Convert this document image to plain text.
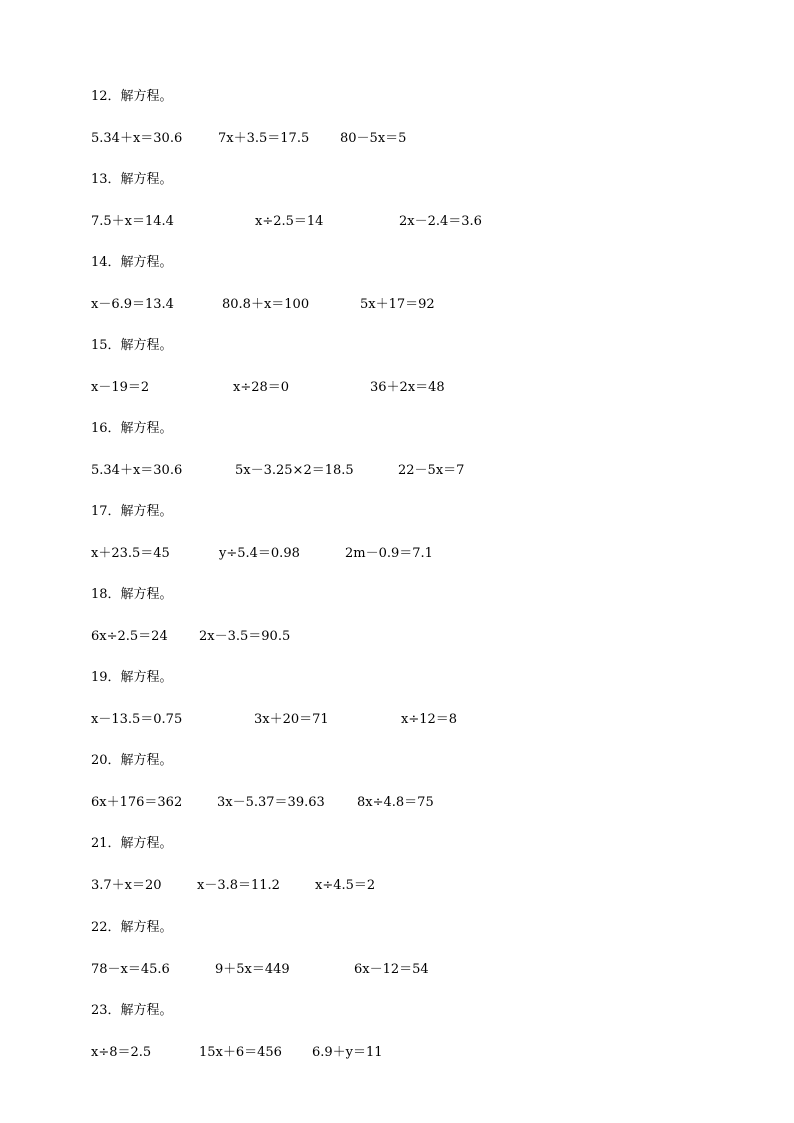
12．解方程。
5.34＋x＝30.6	7x＋3.5＝17.5 80－5x＝5
13．解方程。
7.5＋x＝14.4	x÷2.5＝14	2x－2.4＝3.6
14．解方程。
x－6.9＝13.4	80.8＋x＝100	5x＋17＝92
15．解方程。
x－19＝2	x÷28＝0	36＋2x＝48
16．解方程。
5.34＋x＝30.6	5x－3.25×2＝18.5	22－5x＝7
17．解方程。
x＋23.5＝45	y÷5.4＝0.98	2m－0.9＝7.1
18．解方程。
6x÷2.5＝24 2x－3.5＝90.5
19．解方程。
x－13.5＝0.75	3x＋20＝71	x÷12＝8
20．解方程。
6x＋176＝362	3x－5.37＝39.63 8x÷4.8＝75
21．解方程。
3.7＋x＝20	x－3.8＝11.2	x÷4.5＝2
22．解方程。
78－x＝45.6	9＋5x＝449	6x－12＝54
23．解方程。
x÷8＝2.5	15x＋6＝456 6.9＋y＝11
